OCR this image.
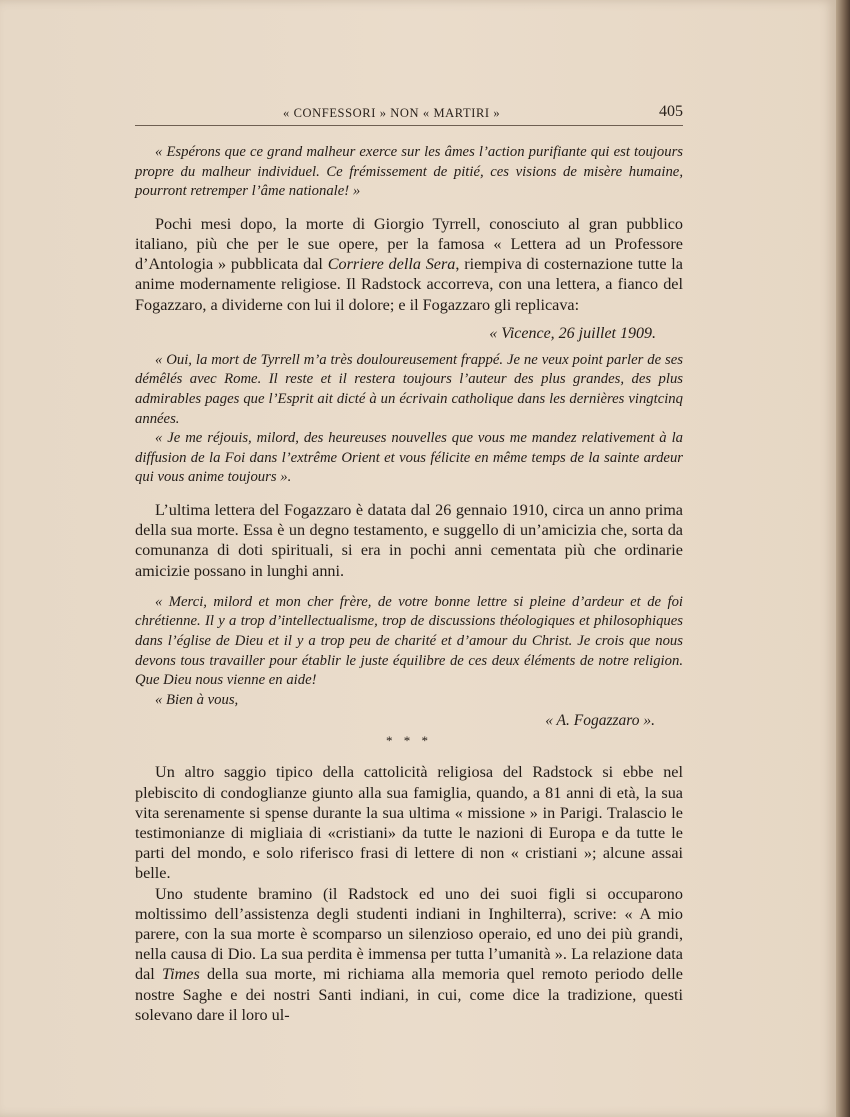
« CONFESSORI » NON « MARTIRI »	405

« Espérons que ce grand malheur exerce sur les âmes l’action purifiante qui est toujours propre du malheur individuel. Ce frémissement de pitié, ces visions de misère humaine, pourront retremper l’âme nationale! »

Pochi mesi dopo, la morte di Giorgio Tyrrell, conosciuto al gran pubblico italiano, più che per le sue opere, per la famosa « Lettera ad un Professore d’Antologia » pubblicata dal Corriere della Sera, riempiva di costernazione tutte la anime modernamente religiose. Il Radstock accorreva, con una lettera, a fianco del Fogazzaro, a dividerne con lui il dolore; e il Fogazzaro gli replicava:

« Vicence, 26 juillet 1909.

« Oui, la mort de Tyrrell m’a très douloureusement frappé. Je ne veux point parler de ses démêlés avec Rome. Il reste et il restera toujours l’auteur des plus grandes, des plus admirables pages que l’Esprit ait dicté à un écrivain catholique dans les dernières vingtcinq années.

« Je me réjouis, milord, des heureuses nouvelles que vous me mandez relativement à la diffusion de la Foi dans l’extrême Orient et vous félicite en même temps de la sainte ardeur qui vous anime toujours ».

L’ultima lettera del Fogazzaro è datata dal 26 gennaio 1910, circa un anno prima della sua morte. Essa è un degno testamento, e suggello di un’amicizia che, sorta da comunanza di doti spirituali, si era in pochi anni cementata più che ordinarie amicizie possano in lunghi anni.

« Merci, milord et mon cher frère, de votre bonne lettre si pleine d’ardeur et de foi chrétienne. Il y a trop d’intellectualisme, trop de discussions théologiques et philosophiques dans l’église de Dieu et il y a trop peu de charité et d’amour du Christ. Je crois que nous devons tous travailler pour établir le juste équilibre de ces deux éléments de notre religion. Que Dieu nous vienne en aide!

« Bien à vous,

« A. Fogazzaro ».

* * *

Un altro saggio tipico della cattolicità religiosa del Radstock si ebbe nel plebiscito di condoglianze giunto alla sua famiglia, quando, a 81 anni di età, la sua vita serenamente si spense durante la sua ultima « missione » in Parigi. Tralascio le testimonianze di migliaia di «cristiani» da tutte le nazioni di Europa e da tutte le parti del mondo, e solo riferisco frasi di lettere di non « cristiani »; alcune assai belle.

Uno studente bramino (il Radstock ed uno dei suoi figli si occuparono moltissimo dell’assistenza degli studenti indiani in Inghilterra), scrive: « A mio parere, con la sua morte è scomparso un silenzioso operaio, ed uno dei più grandi, nella causa di Dio. La sua perdita è immensa per tutta l’umanità ». La relazione data dal Times della sua morte, mi richiama alla memoria quel remoto periodo delle nostre Saghe e dei nostri Santi indiani, in cui, come dice la tradizione, questi solevano dare il loro ul-
